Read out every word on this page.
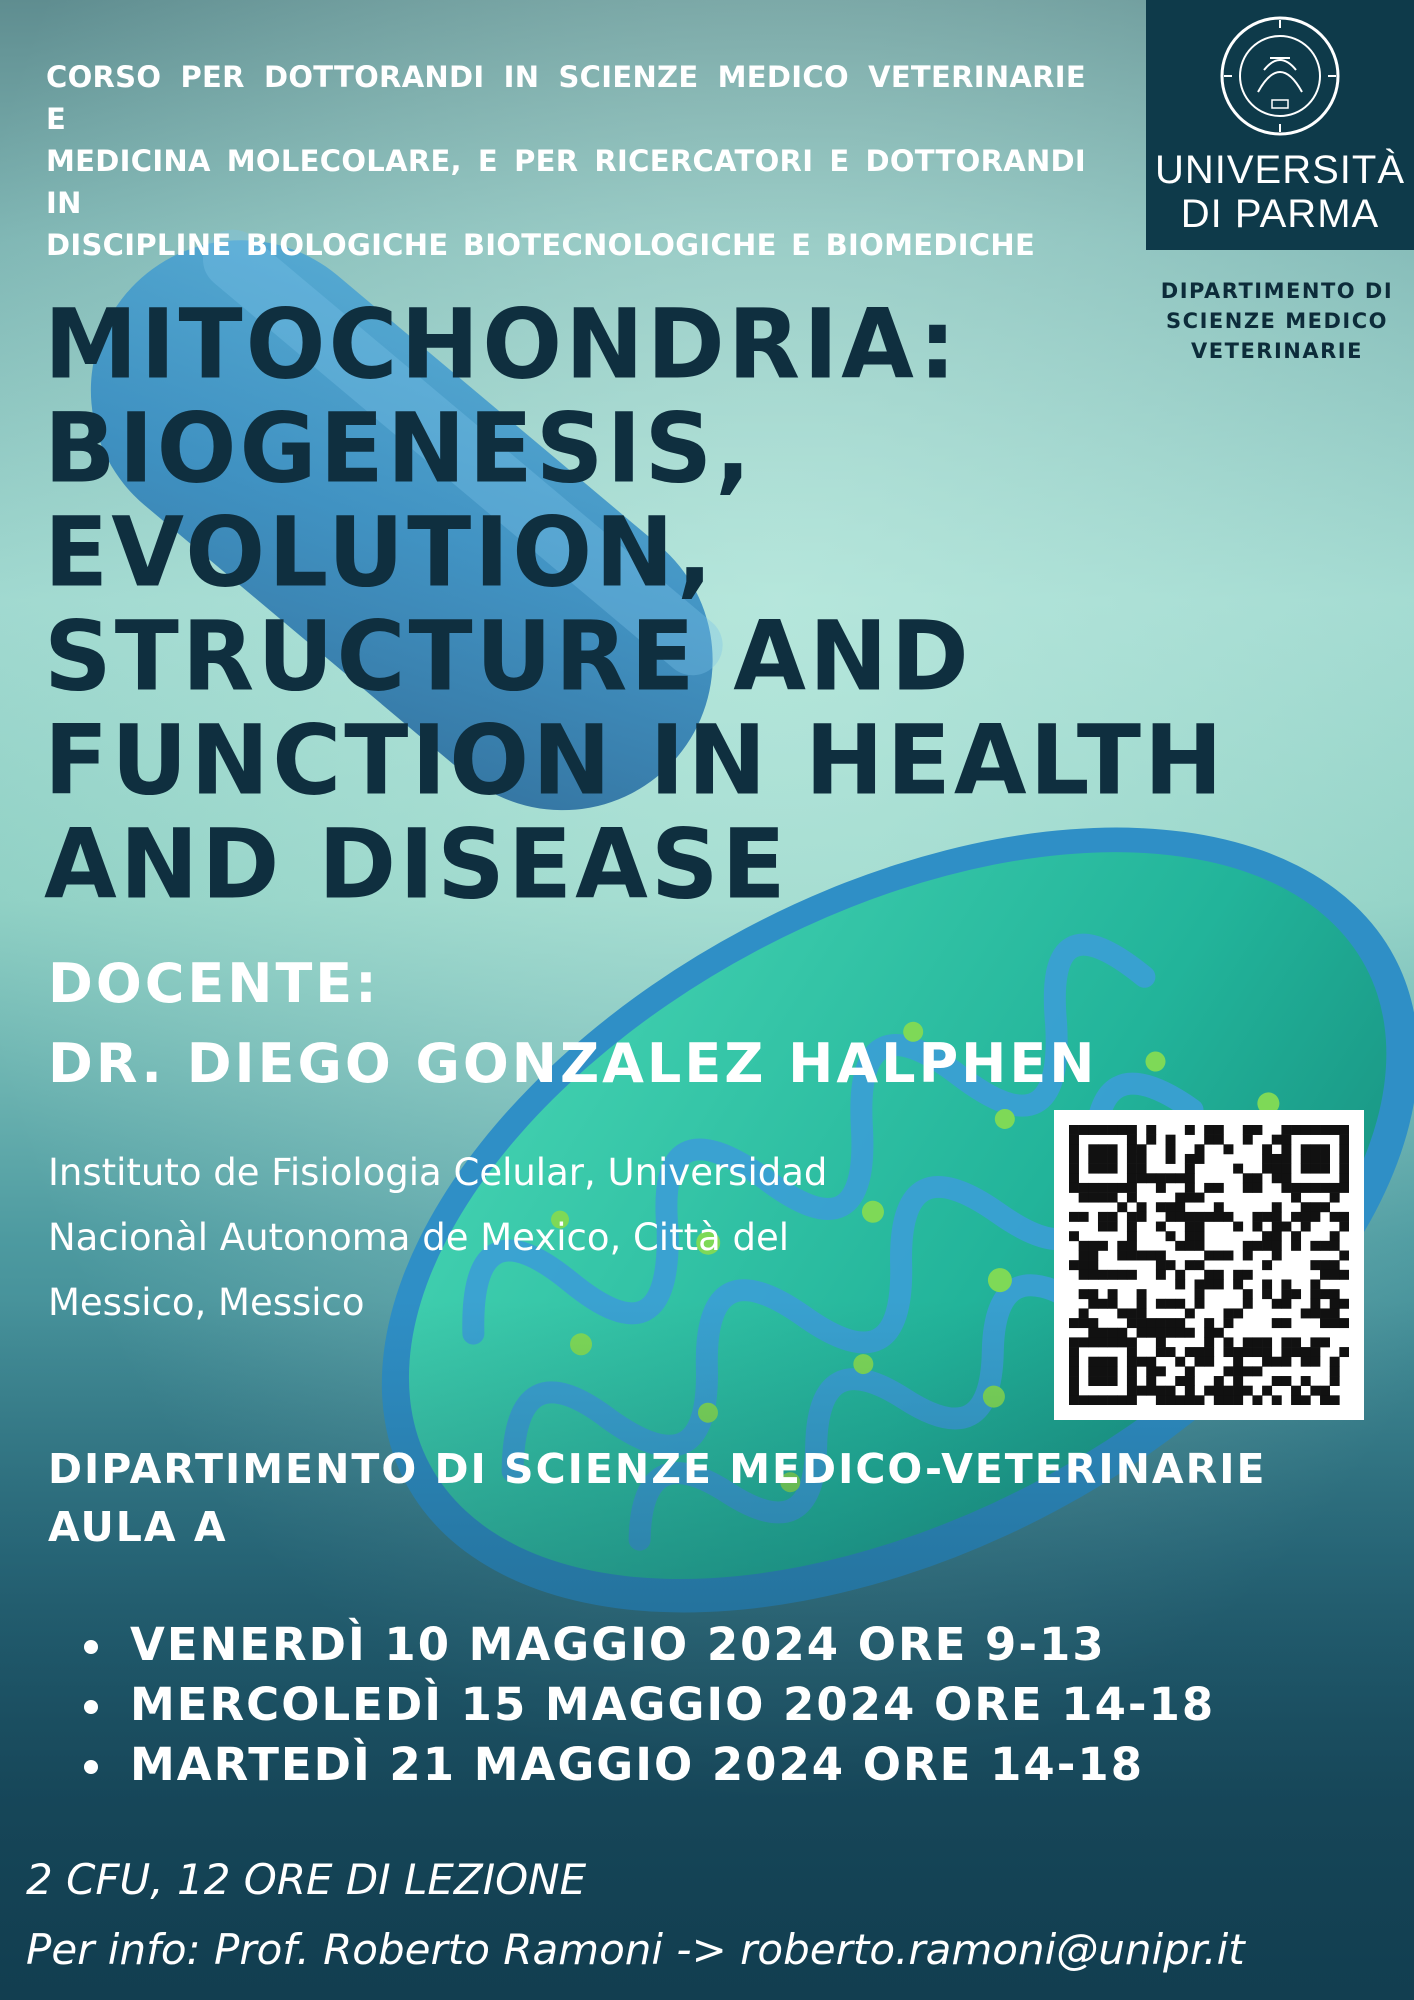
CORSO PER DOTTORANDI IN SCIENZE MEDICO VETERINARIE E
MEDICINA MOLECOLARE, E PER RICERCATORI E DOTTORANDI IN
DISCIPLINE BIOLOGICHE BIOTECNOLOGICHE E BIOMEDICHE
UNIVERSITÀ
DI PARMA
DIPARTIMENTO DI
SCIENZE MEDICO
VETERINARIE
MITOCHONDRIA:
BIOGENESIS,
EVOLUTION,
STRUCTURE AND
FUNCTION IN HEALTH
AND DISEASE
DOCENTE:
DR. DIEGO GONZALEZ HALPHEN
Instituto de Fisiologia Celular, Universidad
Nacionàl Autonoma de Mexico, Città del
Messico, Messico
DIPARTIMENTO DI SCIENZE MEDICO-VETERINARIE
AULA A
VENERDÌ 10 MAGGIO 2024 ORE 9-13
MERCOLEDÌ 15 MAGGIO 2024 ORE 14-18
MARTEDÌ 21 MAGGIO 2024 ORE 14-18
2 CFU, 12 ORE DI LEZIONE
Per info: Prof. Roberto Ramoni -> roberto.ramoni@unipr.it
